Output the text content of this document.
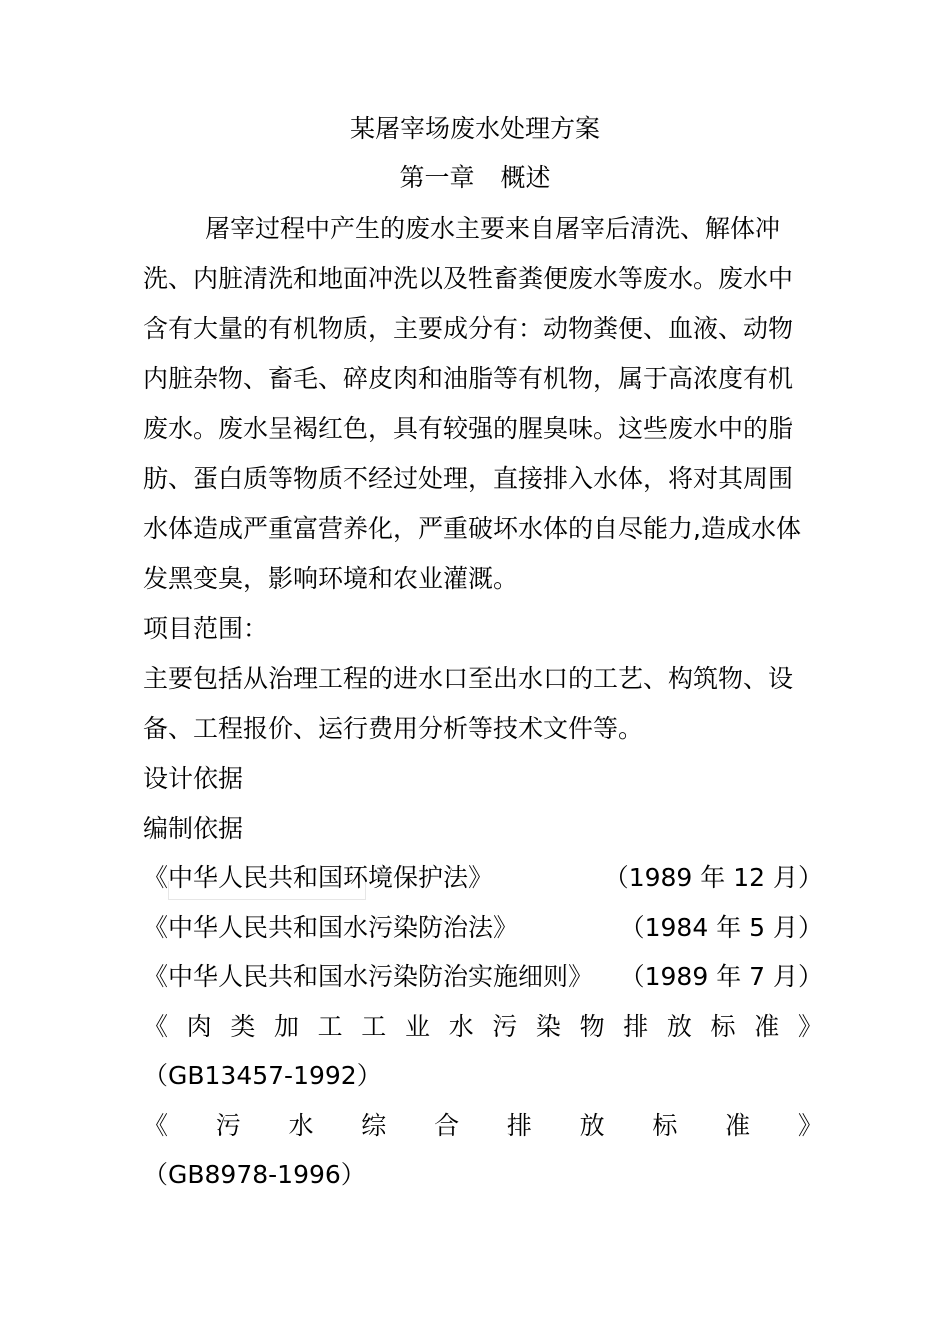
某屠宰场废水处理方案
第一章 概述
屠宰过程中产生的废水主要来自屠宰后清洗、解体冲
洗、内脏清洗和地面冲洗以及牲畜粪便废水等废水。废水中
含有大量的有机物质，主要成分有：动物粪便、血液、动物
内脏杂物、畜毛、碎皮肉和油脂等有机物，属于高浓度有机
废水。废水呈褐红色，具有较强的腥臭味。这些废水中的脂
肪、蛋白质等物质不经过处理，直接排入水体，将对其周围
水体造成严重富营养化，严重破坏水体的自尽能力,造成水体
发黑变臭，影响环境和农业灌溉。
项目范围：
主要包括从治理工程的进水口至出水口的工艺、构筑物、设
备、工程报价、运行费用分析等技术文件等。
设计依据
编制依据
《中华人民共和国环境保护法》	（1989 年 12 月）
《中华人民共和国水污染防治法》	（1984 年 5 月）
《中华人民共和国水污染防治实施细则》 （1989 年 7 月）
《 肉 类 加 工 工 业 水 污 染 物 排 放 标 准 》
（GB13457-1992）
《 污 水 综 合 排 放 标 准 》
（GB8978-1996）
